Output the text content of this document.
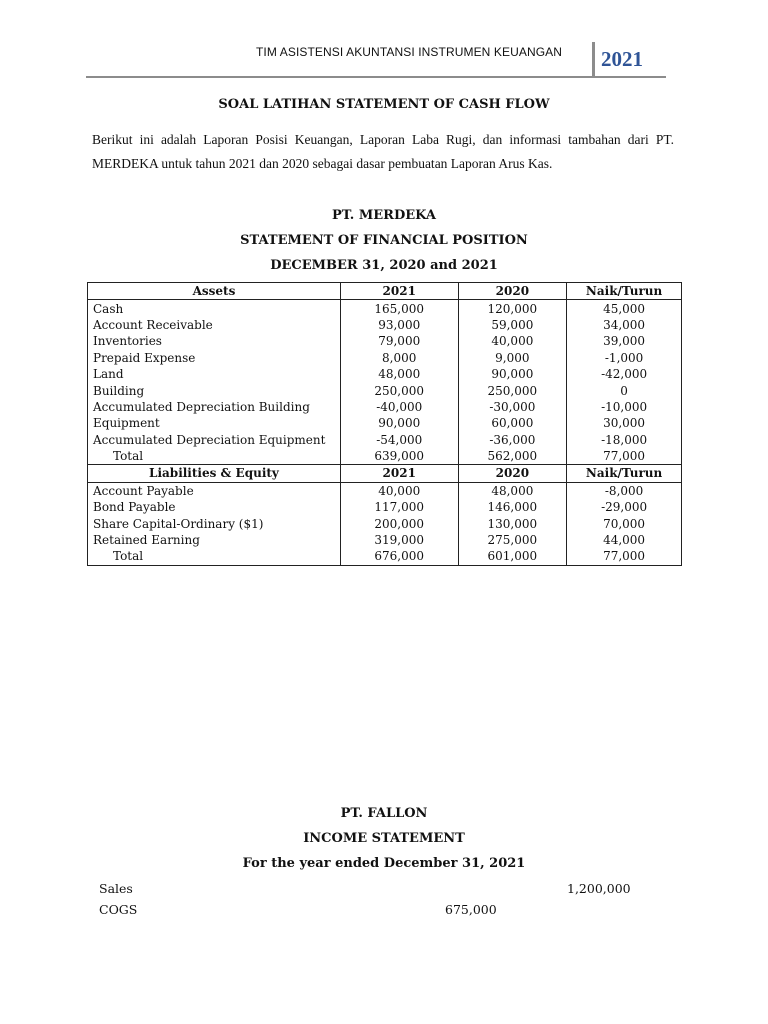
TIM ASISTENSI AKUNTANSI INSTRUMEN KEUANGAN	2021
SOAL LATIHAN STATEMENT OF CASH FLOW
Berikut ini adalah Laporan Posisi Keuangan, Laporan Laba Rugi, dan informasi tambahan dari PT. MERDEKA untuk tahun 2021 dan 2020 sebagai dasar pembuatan Laporan Arus Kas.
PT. MERDEKA
STATEMENT OF FINANCIAL POSITION
DECEMBER 31, 2020 and 2021
Assets	2021	2020	Naik/Turun
Cash	165,000	120,000	45,000
Account Receivable	93,000	59,000	34,000
Inventories	79,000	40,000	39,000
Prepaid Expense	8,000	9,000	-1,000
Land	48,000	90,000	-42,000
Building	250,000	250,000	0
Accumulated Depreciation Building	-40,000	-30,000	-10,000
Equipment	90,000	60,000	30,000
Accumulated Depreciation Equipment	-54,000	-36,000	-18,000
Total	639,000	562,000	77,000
Liabilities & Equity	2021	2020	Naik/Turun
Account Payable	40,000	48,000	-8,000
Bond Payable	117,000	146,000	-29,000
Share Capital-Ordinary ($1)	200,000	130,000	70,000
Retained Earning	319,000	275,000	44,000
Total	676,000	601,000	77,000
PT. FALLON
INCOME STATEMENT
For the year ended December 31, 2021
Sales	1,200,000
COGS	675,000
